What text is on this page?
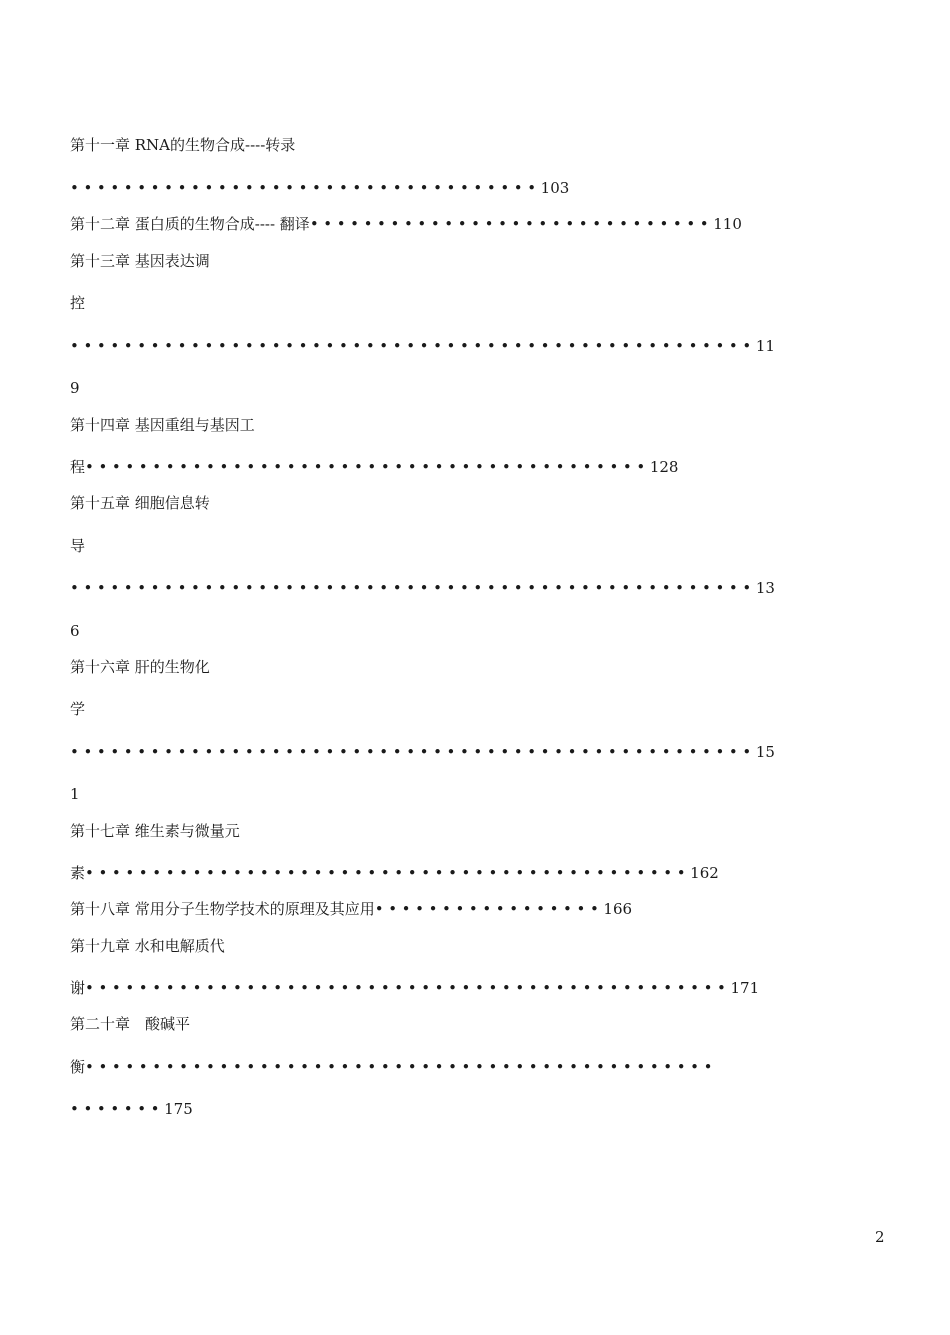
第十一章 RNA的生物合成----转录
•••••••••••••••••••••••••••••••••••103
第十二章 蛋白质的生物合成---- 翻译••••••••••••••••••••••••••••••110
第十三章 基因表达调
控
•••••••••••••••••••••••••••••••••••••••••••••••••••11
9
第十四章 基因重组与基因工
程••••••••••••••••••••••••••••••••••••••••••128
第十五章 细胞信息转
导
•••••••••••••••••••••••••••••••••••••••••••••••••••13
6
第十六章 肝的生物化
学
•••••••••••••••••••••••••••••••••••••••••••••••••••15
1
第十七章 维生素与微量元
素•••••••••••••••••••••••••••••••••••••••••••••162
第十八章 常用分子生物学技术的原理及其应用•••••••••••••••••166
第十九章 水和电解质代
谢••••••••••••••••••••••••••••••••••••••••••••••••171
第二十章　酸碱平
衡•••••••••••••••••••••••••••••••••••••••••••••••
•••••••175
2
